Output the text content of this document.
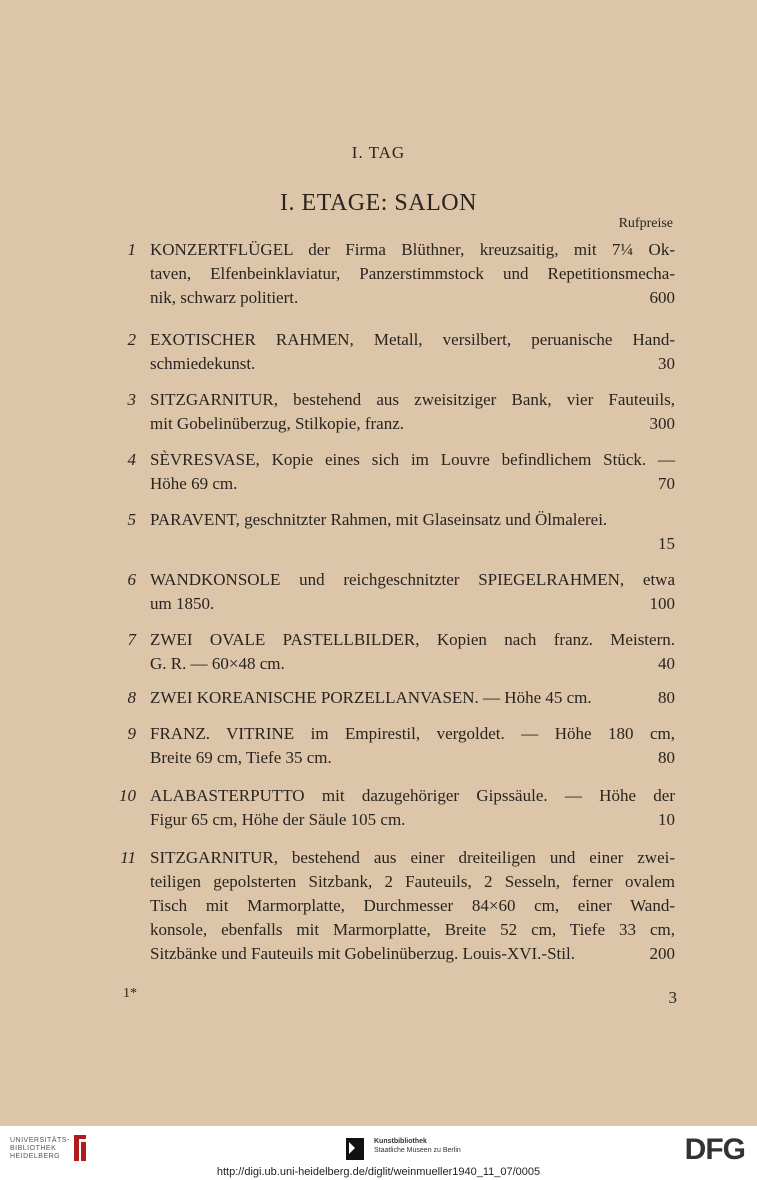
I. TAG
I. ETAGE: SALON
Rufpreise
1 KONZERTFLÜGEL der Firma Blüthner, kreuzsaitig, mit 7¼ Ok-
taven, Elfenbeinklaviatur, Panzerstimmstock und Repetitionsmecha-
nik, schwarz politiert.	600
2 EXOTISCHER RAHMEN, Metall, versilbert, peruanische Hand-
schmiedekunst.	30
3 SITZGARNITUR, bestehend aus zweisitziger Bank, vier Fauteuils,
mit Gobelinüberzug, Stilkopie, franz.	300
4 SÈVRESVASE, Kopie eines sich im Louvre befindlichem Stück. —
Höhe 69 cm.	70
5 PARAVENT, geschnitzter Rahmen, mit Glaseinsatz und Ölmalerei.
15
6 WANDKONSOLE und reichgeschnitzter SPIEGELRAHMEN, etwa
um 1850.	100
7 ZWEI OVALE PASTELLBILDER, Kopien nach franz. Meistern.
G. R. — 60×48 cm.	40
8 ZWEI KOREANISCHE PORZELLANVASEN. — Höhe 45 cm.	80
9 FRANZ. VITRINE im Empirestil, vergoldet. — Höhe 180 cm,
Breite 69 cm, Tiefe 35 cm.	80
10 ALABASTERPUTTO mit dazugehöriger Gipssäule. — Höhe der
Figur 65 cm, Höhe der Säule 105 cm.	10
11 SITZGARNITUR, bestehend aus einer dreiteiligen und einer zwei-
teiligen gepolsterten Sitzbank, 2 Fauteuils, 2 Sesseln, ferner ovalem
Tisch mit Marmorplatte, Durchmesser 84×60 cm, einer Wand-
konsole, ebenfalls mit Marmorplatte, Breite 52 cm, Tiefe 33 cm,
Sitzbänke und Fauteuils mit Gobelinüberzug. Louis-XVI.-Stil.	200
1*	3
UNIVERSITÄTS-
BIBLIOTHEK
HEIDELBERG
Kunstbibliothek
Staatliche Museen zu Berlin	DFG
http://digi.ub.uni-heidelberg.de/diglit/weinmueller1940_11_07/0005
